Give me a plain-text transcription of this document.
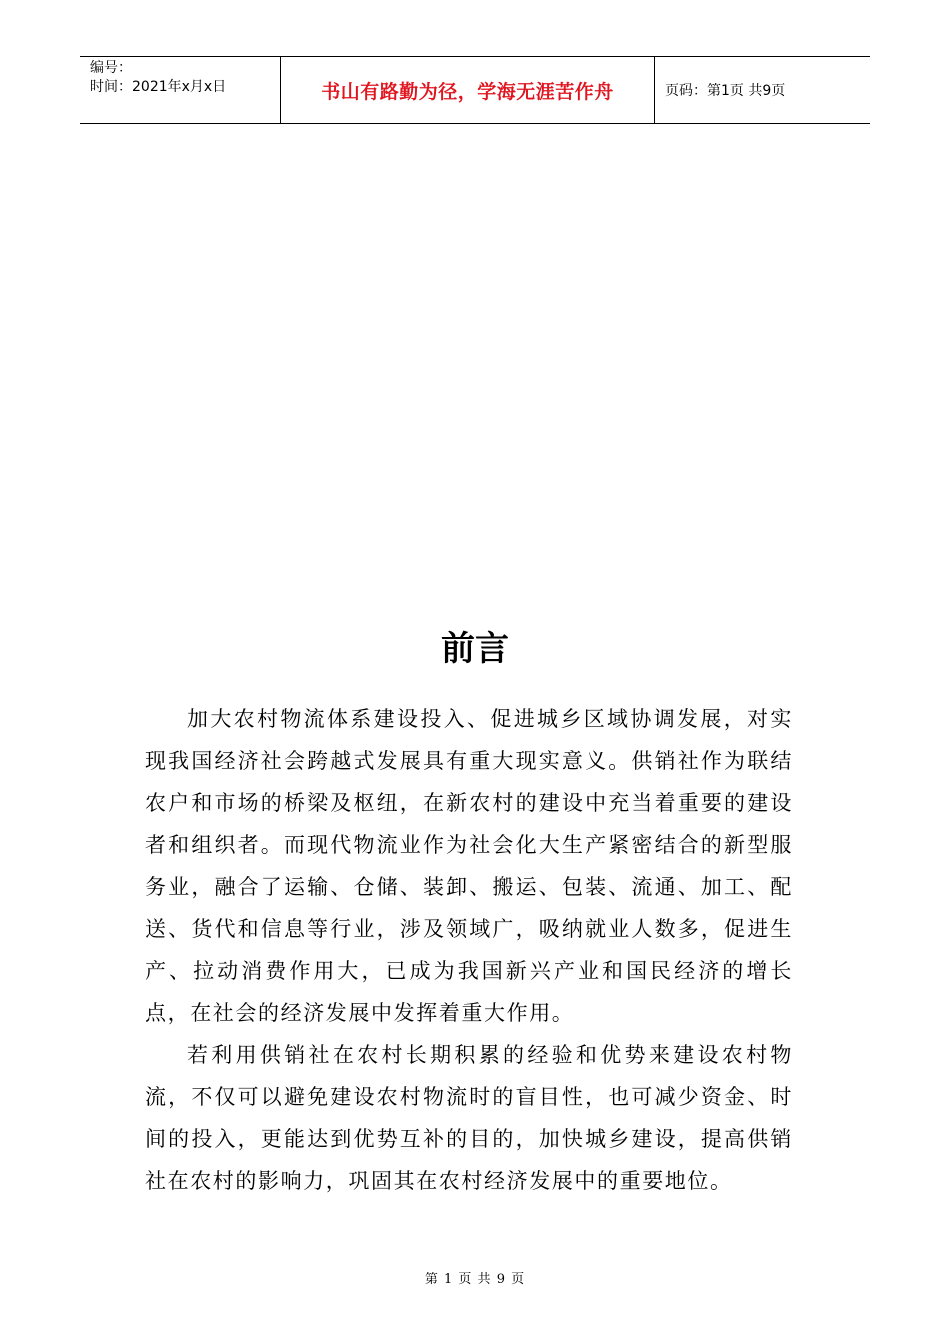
编号：
时间：2021年x月x日	书山有路勤为径，学海无涯苦作舟	页码：第1页 共9页
前言

加大农村物流体系建设投入、促进城乡区域协调发展，对实现我国经济社会跨越式发展具有重大现实意义。供销社作为联结农户和市场的桥梁及枢纽，在新农村的建设中充当着重要的建设者和组织者。而现代物流业作为社会化大生产紧密结合的新型服务业，融合了运输、仓储、装卸、搬运、包装、流通、加工、配送、货代和信息等行业，涉及领域广，吸纳就业人数多，促进生产、拉动消费作用大，已成为我国新兴产业和国民经济的增长点，在社会的经济发展中发挥着重大作用。

若利用供销社在农村长期积累的经验和优势来建设农村物流，不仅可以避免建设农村物流时的盲目性，也可减少资金、时间的投入，更能达到优势互补的目的，加快城乡建设，提高供销社在农村的影响力，巩固其在农村经济发展中的重要地位。

第 1 页 共 9 页
